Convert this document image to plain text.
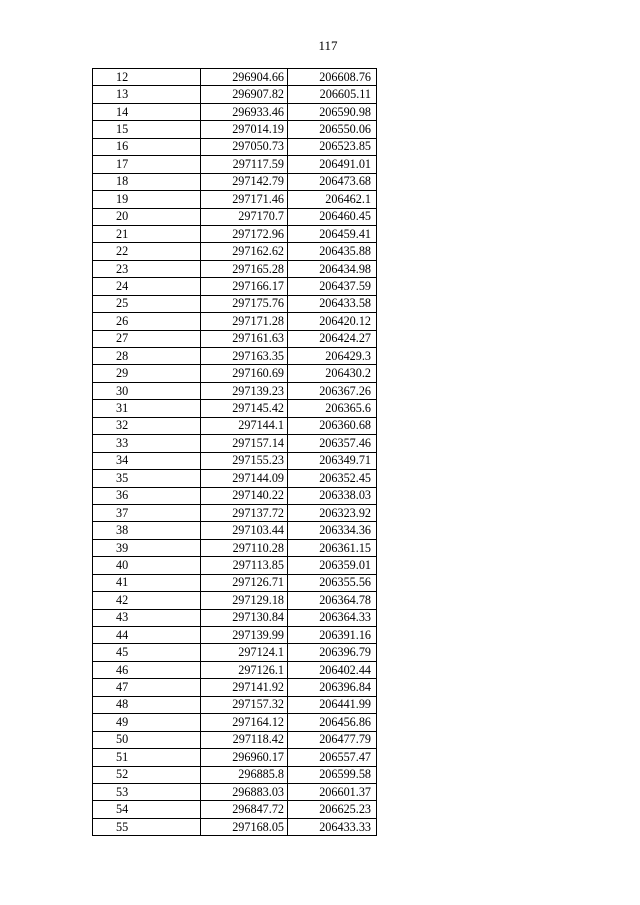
117
12	296904.66	206608.76
13	296907.82	206605.11
14	296933.46	206590.98
15	297014.19	206550.06
16	297050.73	206523.85
17	297117.59	206491.01
18	297142.79	206473.68
19	297171.46	206462.1
20	297170.7	206460.45
21	297172.96	206459.41
22	297162.62	206435.88
23	297165.28	206434.98
24	297166.17	206437.59
25	297175.76	206433.58
26	297171.28	206420.12
27	297161.63	206424.27
28	297163.35	206429.3
29	297160.69	206430.2
30	297139.23	206367.26
31	297145.42	206365.6
32	297144.1	206360.68
33	297157.14	206357.46
34	297155.23	206349.71
35	297144.09	206352.45
36	297140.22	206338.03
37	297137.72	206323.92
38	297103.44	206334.36
39	297110.28	206361.15
40	297113.85	206359.01
41	297126.71	206355.56
42	297129.18	206364.78
43	297130.84	206364.33
44	297139.99	206391.16
45	297124.1	206396.79
46	297126.1	206402.44
47	297141.92	206396.84
48	297157.32	206441.99
49	297164.12	206456.86
50	297118.42	206477.79
51	296960.17	206557.47
52	296885.8	206599.58
53	296883.03	206601.37
54	296847.72	206625.23
55	297168.05	206433.33
